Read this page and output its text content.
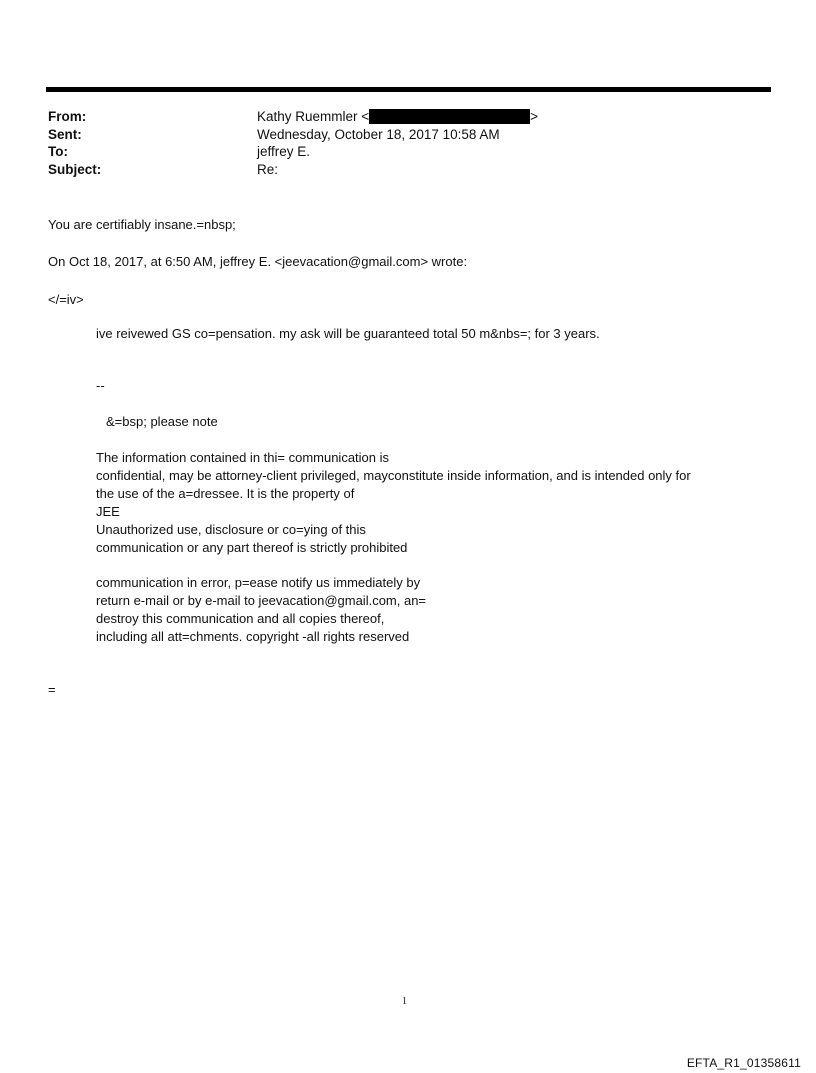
From:	Kathy Ruemmler <	>
Sent:	Wednesday, October 18, 2017 10:58 AM
To:	jeffrey E.
Subject:	Re:
You are certifiably insane.=nbsp;
On Oct 18, 2017, at 6:50 AM, jeffrey E. <jeevacation@gmail.com> wrote:
</=iv>
ive reivewed GS co=pensation. my ask will be guaranteed total 50 m&nbs=; for 3 years.
--
&=bsp; please note
The information contained in thi= communication is
confidential, may be attorney-client privileged, mayconstitute inside information, and is intended only for
the use of the a=dressee. It is the property of
JEE
Unauthorized use, disclosure or co=ying of this
communication or any part thereof is strictly prohibited
communication in error, p=ease notify us immediately by
return e-mail or by e-mail to jeevacation@gmail.com, an=
destroy this communication and all copies thereof,
including all att=chments. copyright -all rights reserved
=
1
EFTA_R1_01358611
